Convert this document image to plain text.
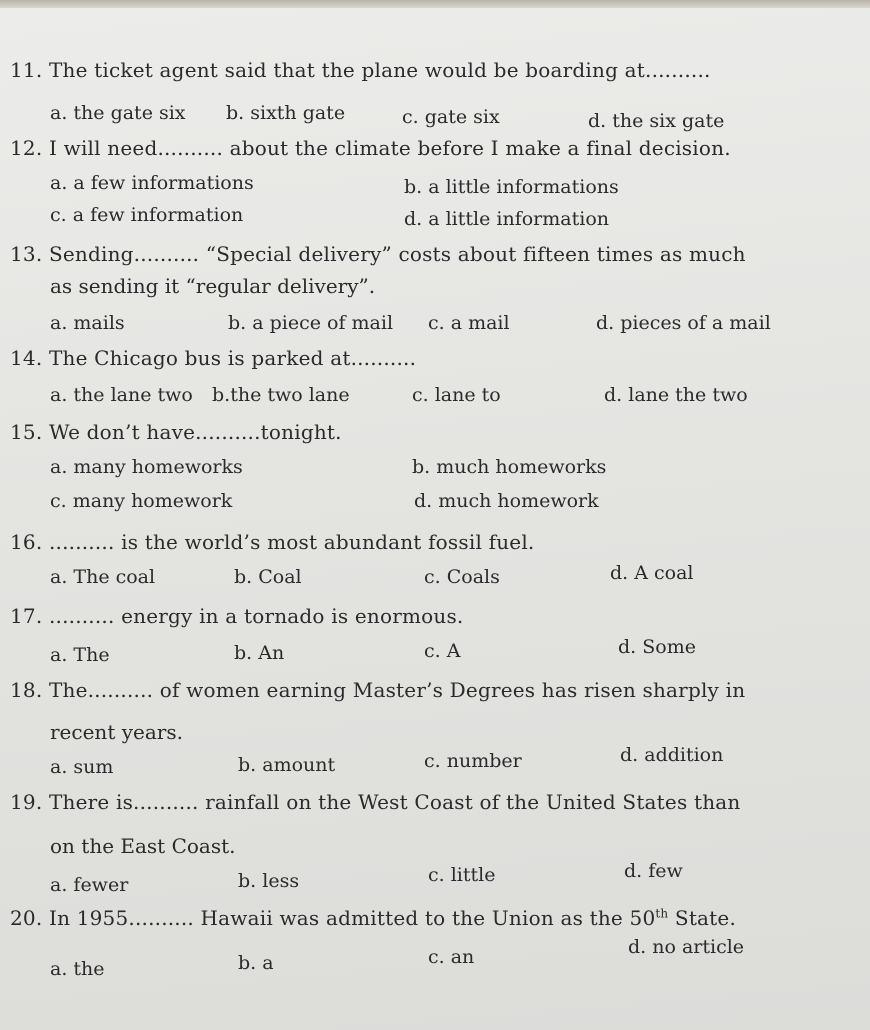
11. The ticket agent said that the plane would be boarding at..........
a. the gate six b. sixth gate	c. gate six	d. the six gate
12. I will need.......... about the climate before I make a final decision.
a. a few informations	b. a little informations
c. a few information	d. a little information
13. Sending.......... “Special delivery” costs about fifteen times as much
as sending it “regular delivery”.
a. mails	b. a piece of mail c. a mail	d. pieces of a mail
14. The Chicago bus is parked at..........
a. the lane two b.the two lane	c. lane to	d. lane the two
15. We don’t have..........tonight.
a. many homeworks	b. much homeworks
c. many homework	d. much homework
16. .......... is the world’s most abundant fossil fuel.
a. The coal	b. Coal	c. Coals	d. A coal
17. .......... energy in a tornado is enormous.
a. The	b. An	c. A	d. Some
18. The.......... of women earning Master’s Degrees has risen sharply in
recent years.
a. sum	b. amount	c. number	d. addition
19. There is.......... rainfall on the West Coast of the United States than
on the East Coast.
a. fewer	b. less	c. little	d. few
20. In 1955.......... Hawaii was admitted to the Union as the 50th State.
a. the	b. a	c. an	d. no article
